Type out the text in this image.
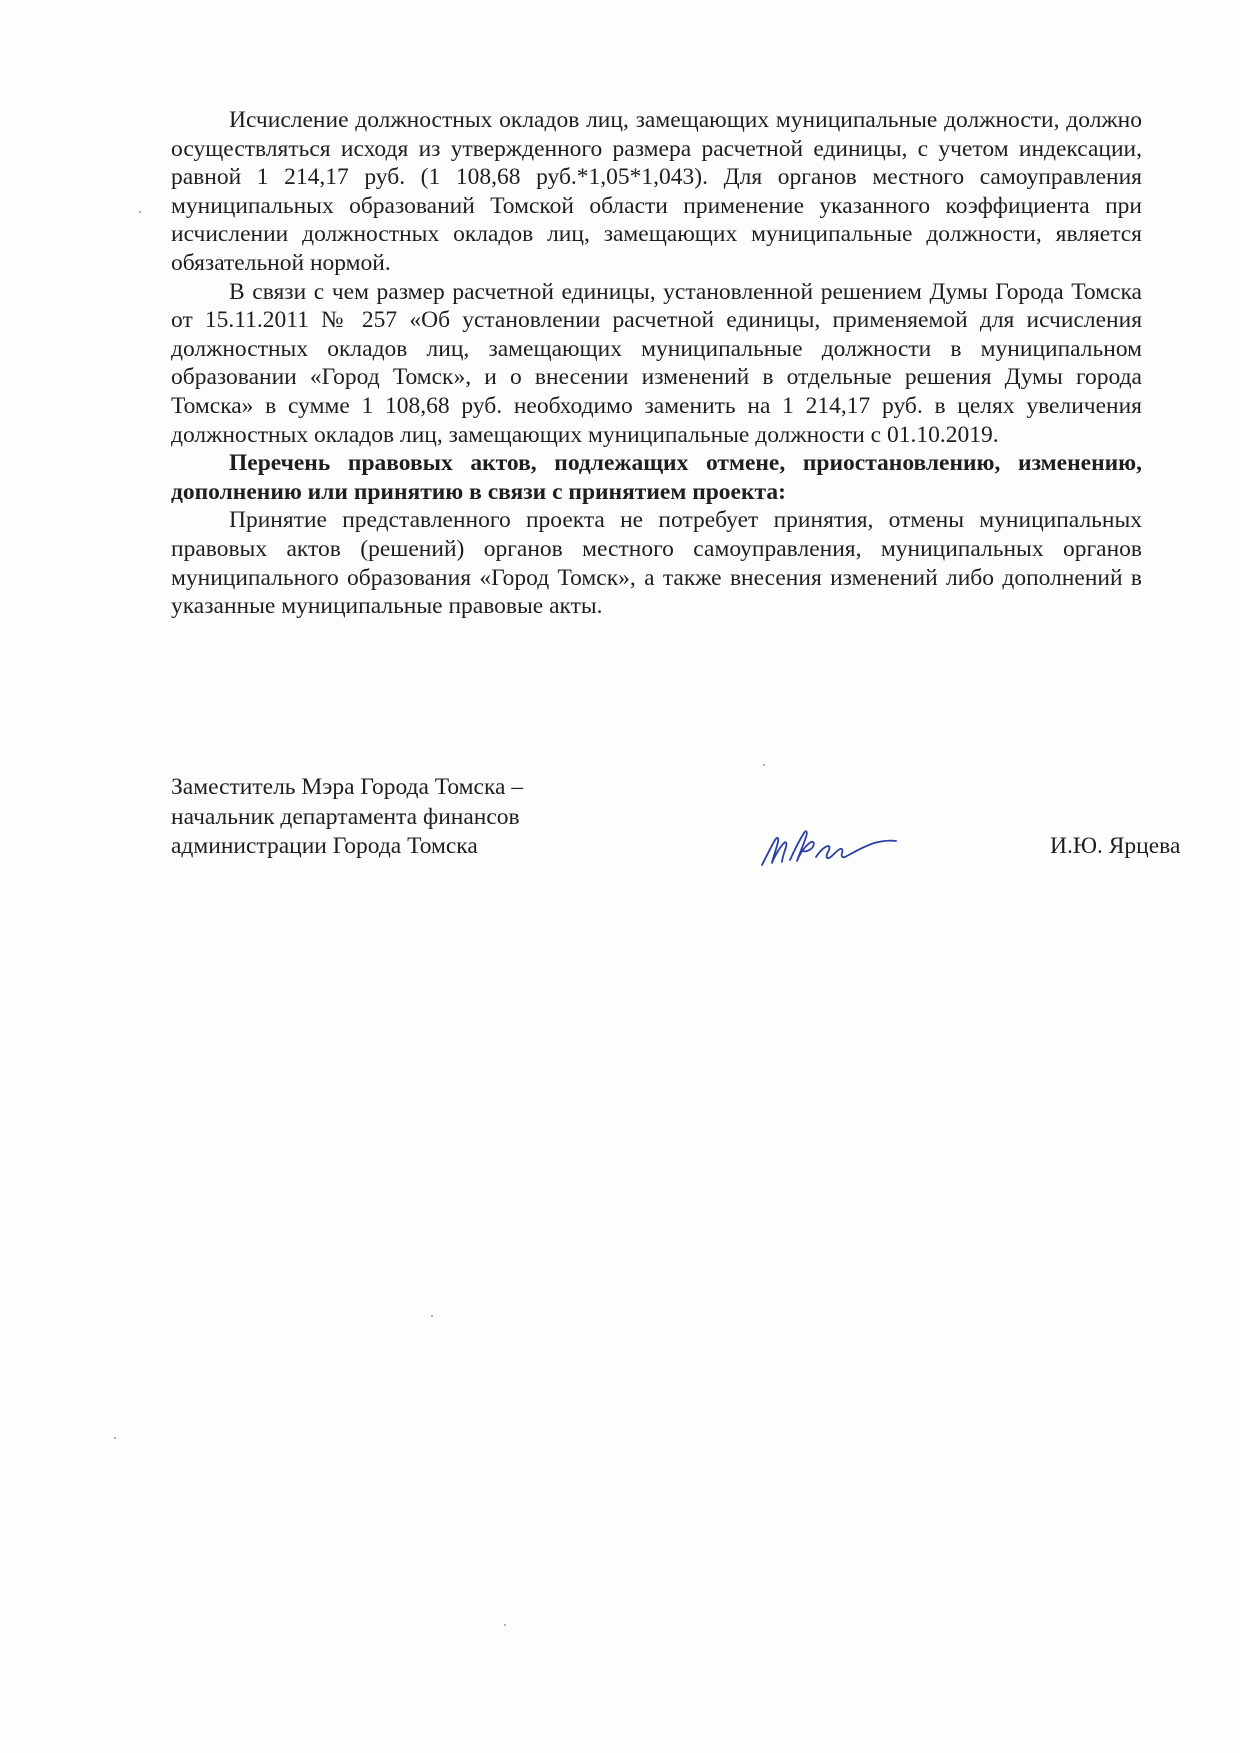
Исчисление должностных окладов лиц, замещающих муниципальные должности, должно осуществляться исходя из утвержденного размера расчетной единицы, с учетом индексации, равной 1 214,17 руб. (1 108,68 руб.*1,05*1,043). Для органов местного самоуправления муниципальных образований Томской области применение указанного коэффициента при исчислении должностных окладов лиц, замещающих муниципальные должности, является обязательной нормой.

В связи с чем размер расчетной единицы, установленной решением Думы Города Томска от 15.11.2011 № 257 «Об установлении расчетной единицы, применяемой для исчисления должностных окладов лиц, замещающих муниципальные должности в муниципальном образовании «Город Томск», и о внесении изменений в отдельные решения Думы города Томска» в сумме 1 108,68 руб. необходимо заменить на 1 214,17 руб. в целях увеличения должностных окладов лиц, замещающих муниципальные должности с 01.10.2019.

Перечень правовых актов, подлежащих отмене, приостановлению, изменению, дополнению или принятию в связи с принятием проекта:

Принятие представленного проекта не потребует принятия, отмены муниципальных правовых актов (решений) органов местного самоуправления, муниципальных органов муниципального образования «Город Томск», а также внесения изменений либо дополнений в указанные муниципальные правовые акты.

Заместитель Мэра Города Томска –
начальник департамента финансов
администрации Города Томска	И.Ю. Ярцева
